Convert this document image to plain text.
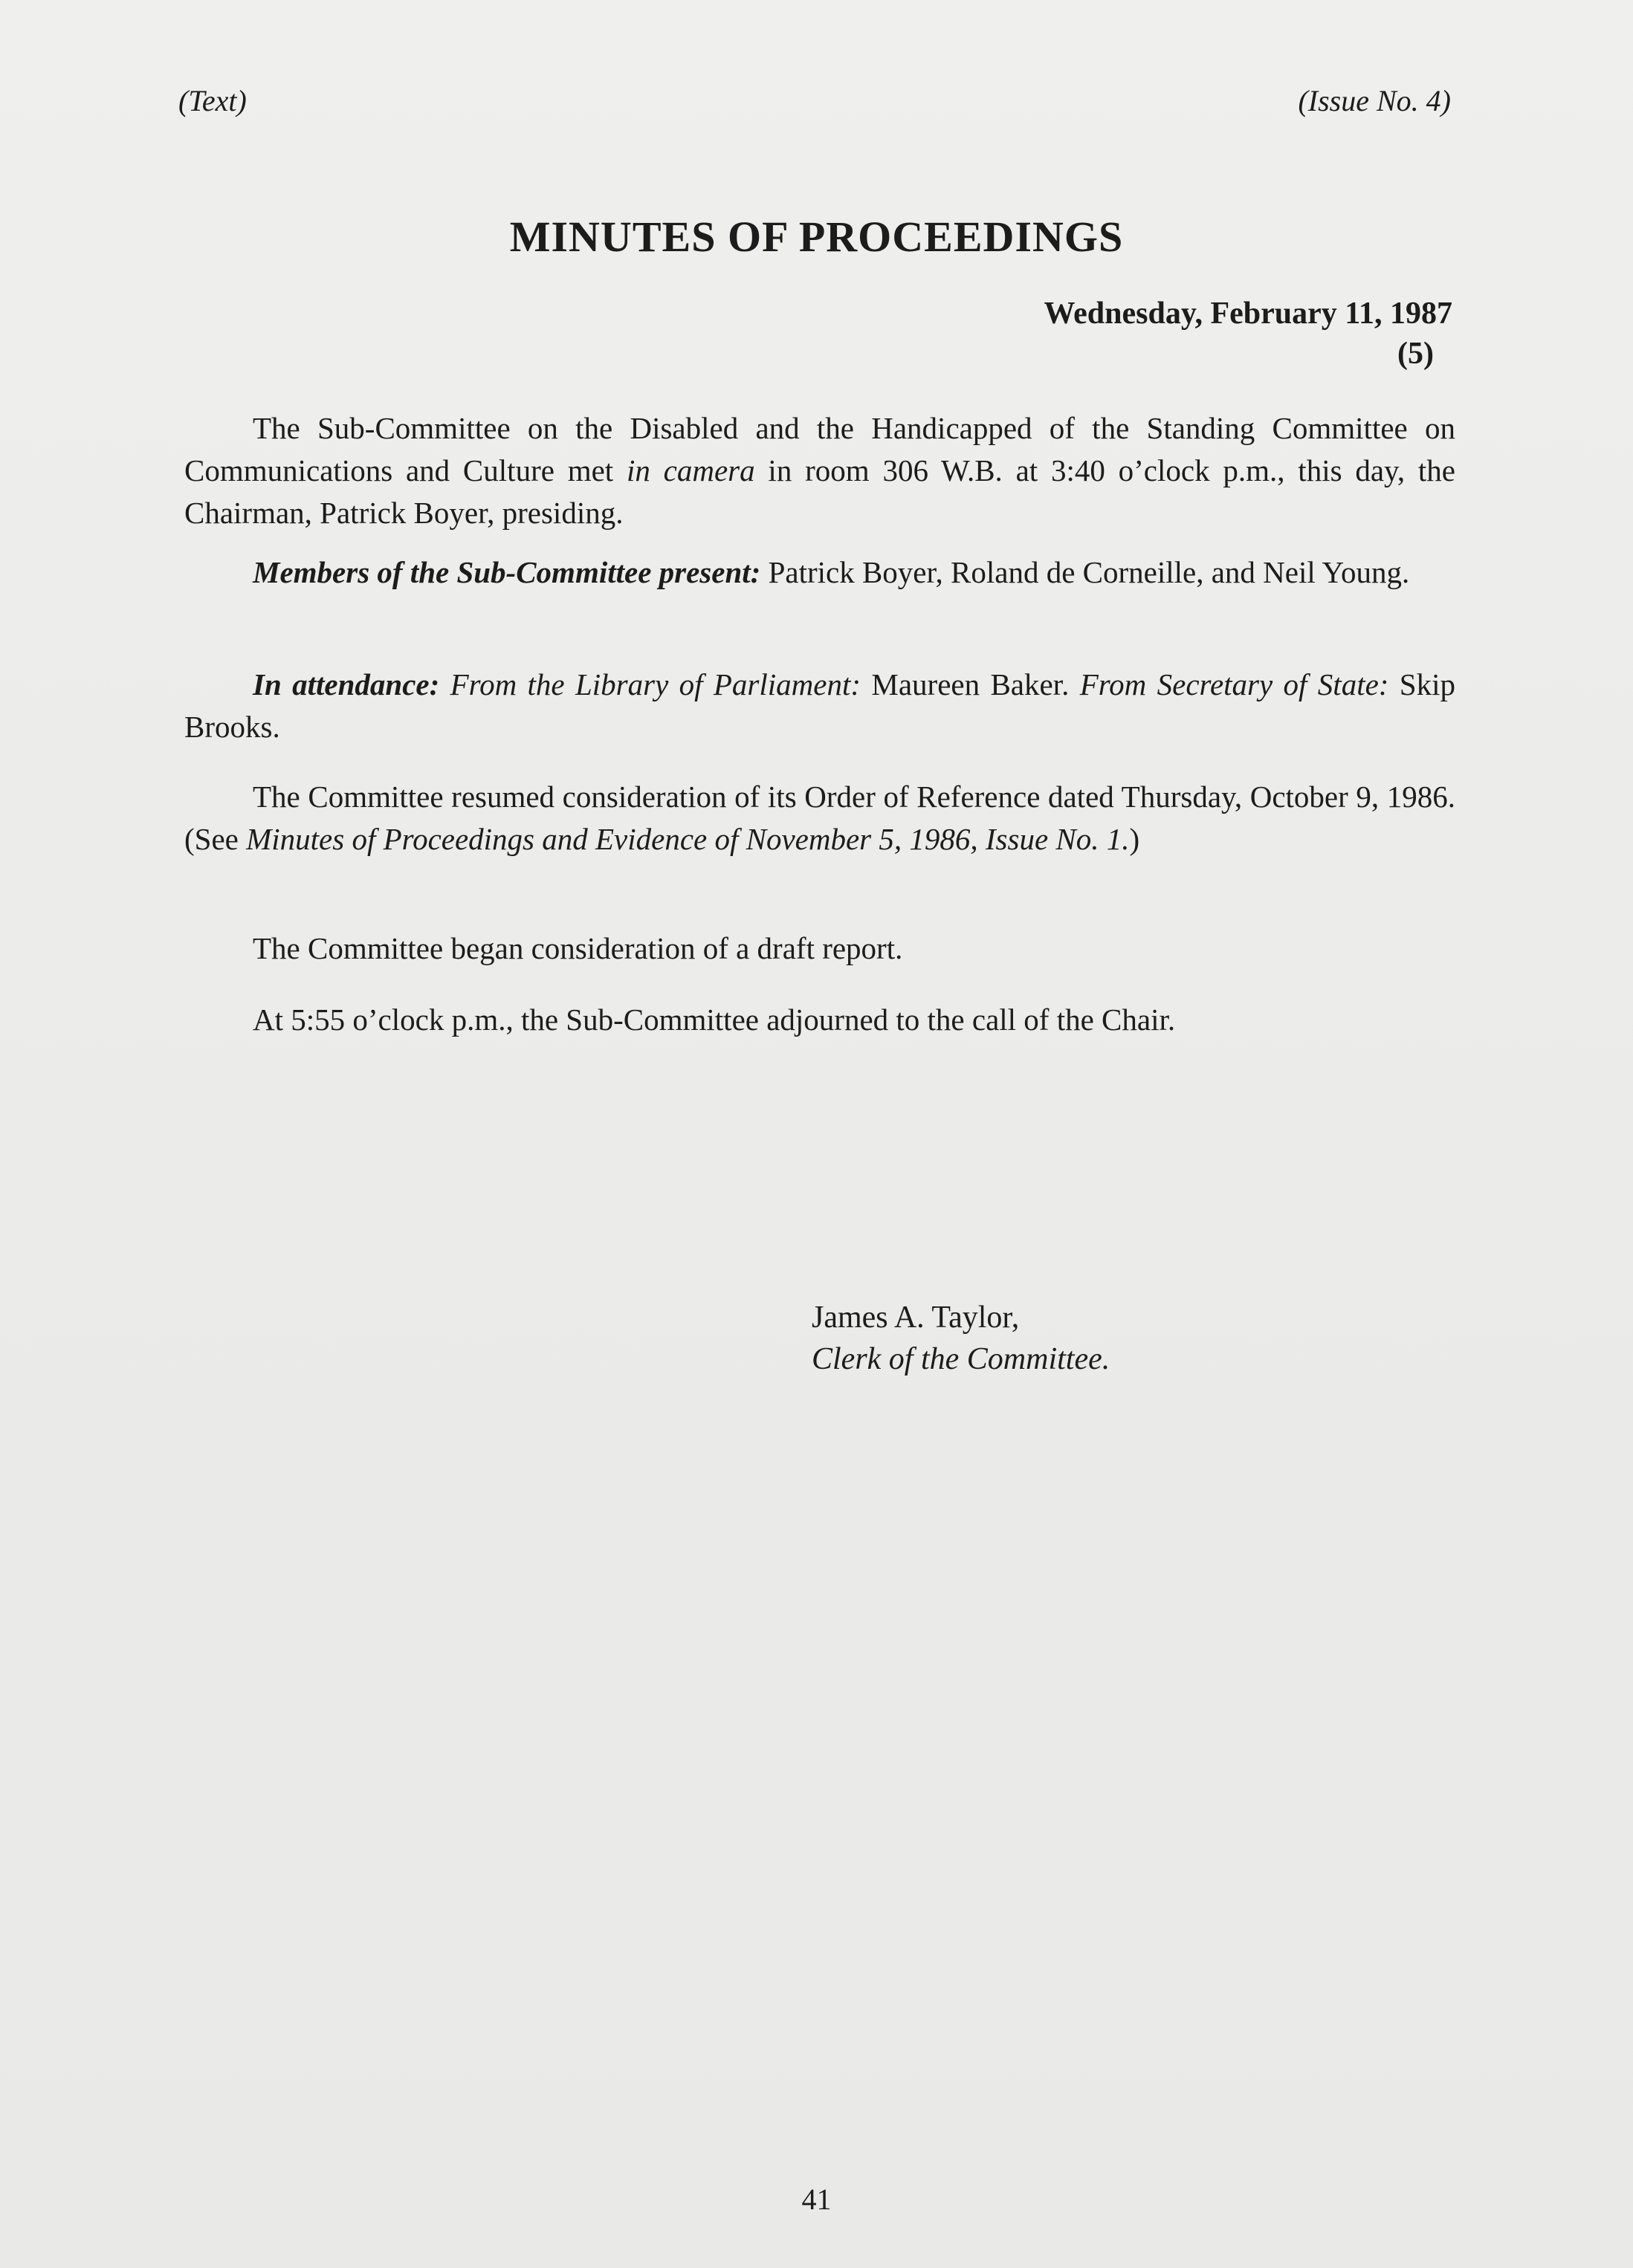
(Text)	(Issue No. 4)
MINUTES OF PROCEEDINGS
Wednesday, February 11, 1987
(5)

The Sub-Committee on the Disabled and the Handicapped of the Standing Committee on Communications and Culture met in camera in room 306 W.B. at 3:40 o’clock p.m., this day, the Chairman, Patrick Boyer, presiding.

Members of the Sub-Committee present: Patrick Boyer, Roland de Corneille, and Neil Young.

In attendance: From the Library of Parliament: Maureen Baker. From Secretary of State: Skip Brooks.

The Committee resumed consideration of its Order of Reference dated Thursday, October 9, 1986. (See Minutes of Proceedings and Evidence of November 5, 1986, Issue No. 1.)

The Committee began consideration of a draft report.

At 5:55 o’clock p.m., the Sub-Committee adjourned to the call of the Chair.

James A. Taylor,
Clerk of the Committee.
41
